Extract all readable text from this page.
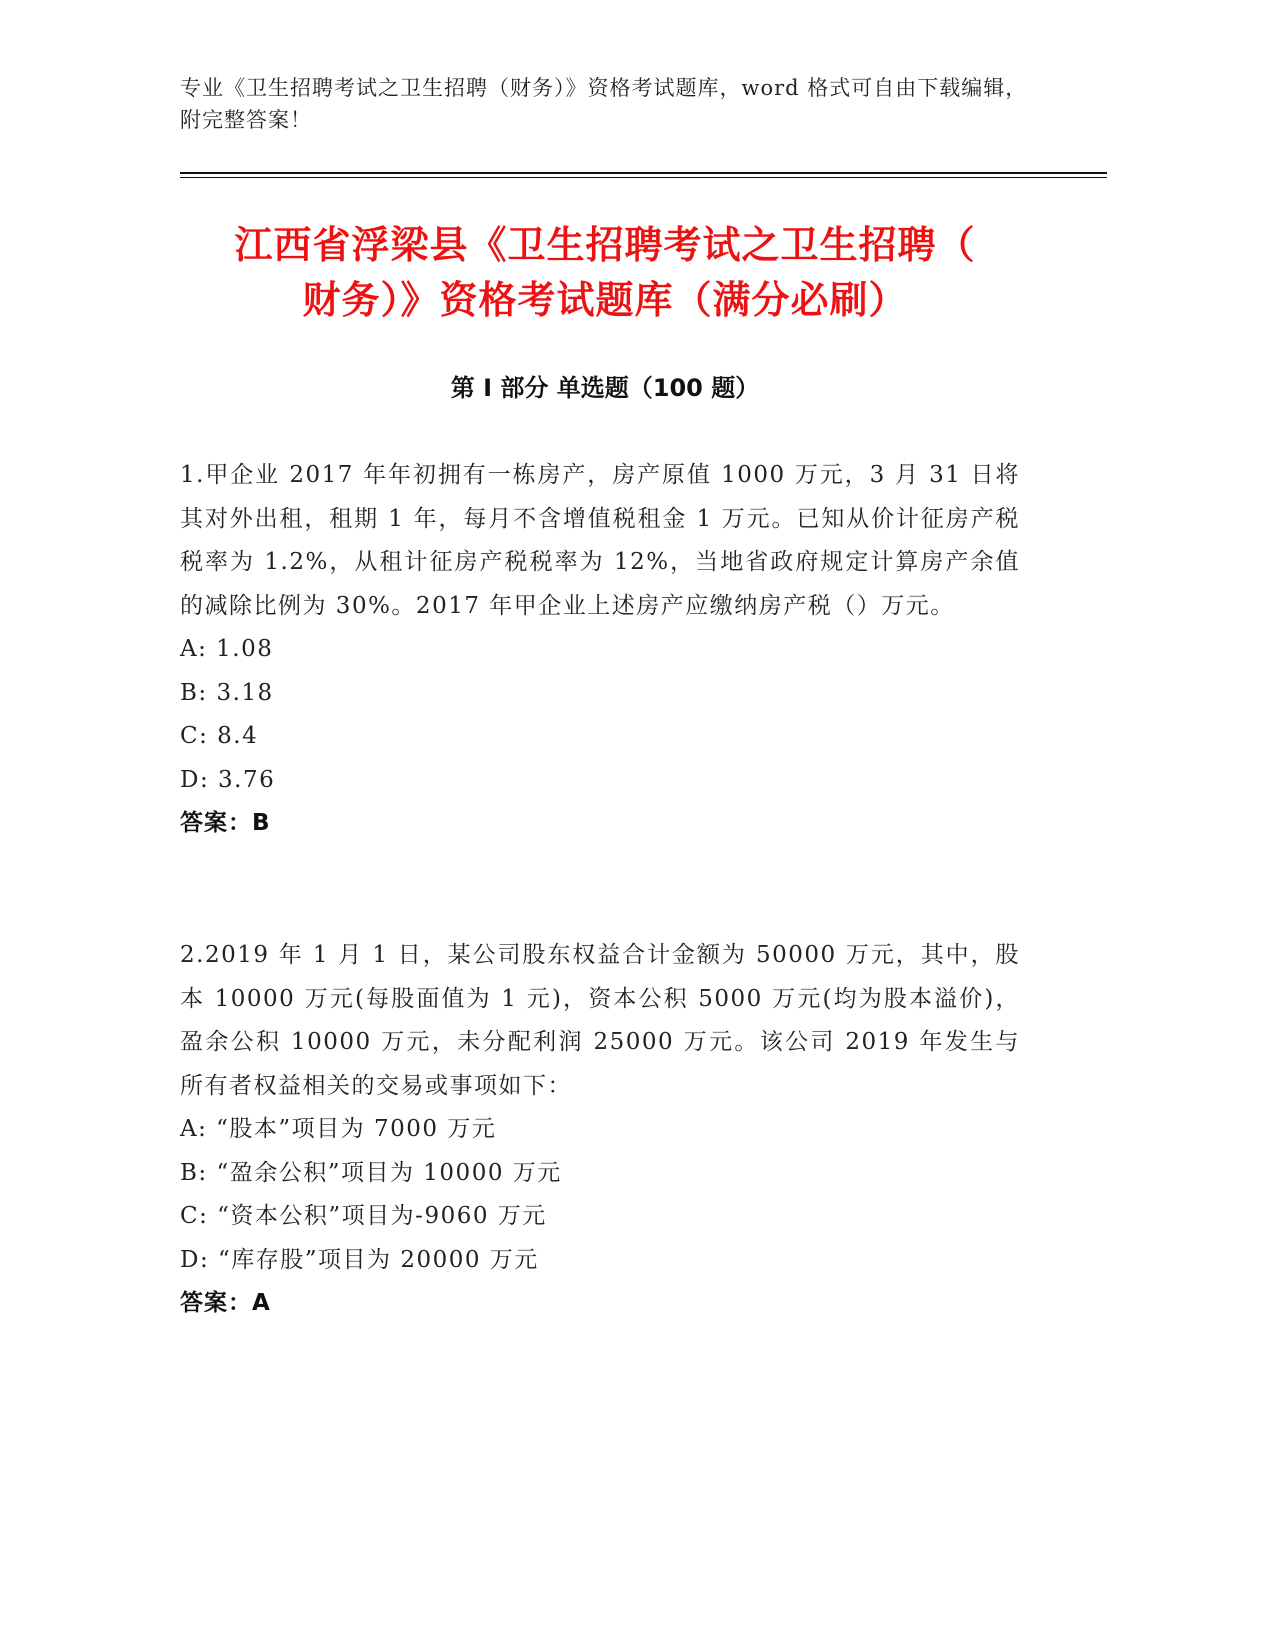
专业《卫生招聘考试之卫生招聘（财务）》资格考试题库，word 格式可自由下载编辑，附完整答案！
江西省浮梁县《卫生招聘考试之卫生招聘（
财务）》资格考试题库（满分必刷）
第 I 部分 单选题（100 题）

1.甲企业 2017 年年初拥有一栋房产，房产原值 1000 万元，3 月 31 日将其对外出租，租期 1 年，每月不含增值税租金 1 万元。已知从价计征房产税税率为 1.2%，从租计征房产税税率为 12%，当地省政府规定计算房产余值的减除比例为 30%。2017 年甲企业上述房产应缴纳房产税（）万元。

A: 1.08

B: 3.18

C: 8.4

D: 3.76

答案：B

2.2019 年 1 月 1 日，某公司股东权益合计金额为 50000 万元，其中，股本 10000 万元(每股面值为 1 元)，资本公积 5000 万元(均为股本溢价)，盈余公积 10000 万元，未分配利润 25000 万元。该公司 2019 年发生与所有者权益相关的交易或事项如下：

A: “股本”项目为 7000 万元

B: “盈余公积”项目为 10000 万元

C: “资本公积”项目为-9060 万元

D: “库存股”项目为 20000 万元

答案：A
